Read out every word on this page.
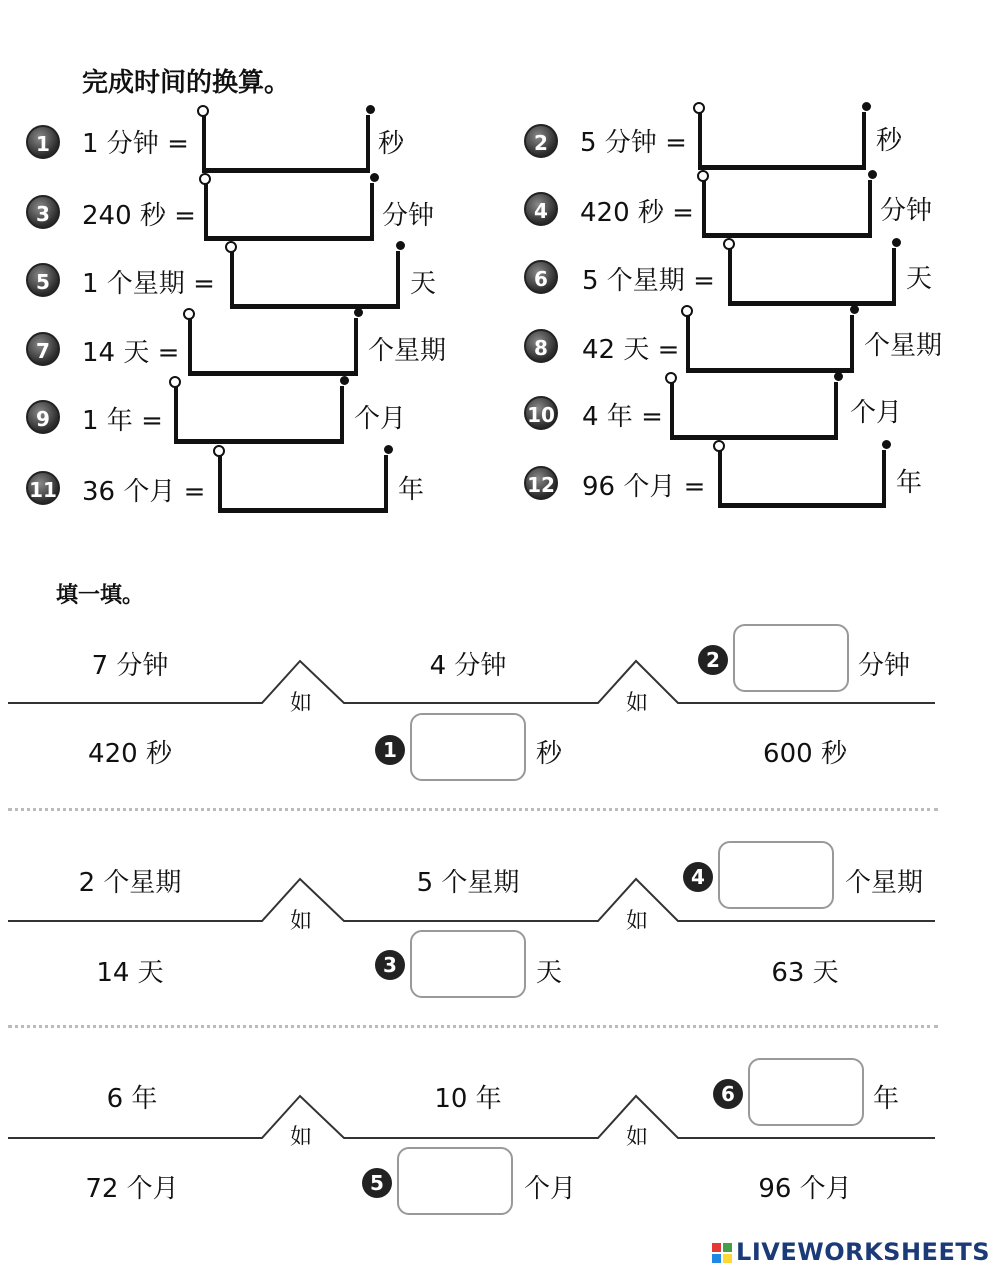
完成时间的换算。
1	1 分钟 =	秒
3	240 秒 =	分钟
5	1 个星期 =	天
7	14 天 =	个星期
9	1 年 =	个月
11 36 个月 =	年
2	5 分钟 =	秒
4	420 秒 =	分钟
6	5 个星期 =	天
8	42 天 =	个星期
10 4 年 =	个月
12 96 个月 =	年
填一填。
如	如
7 分钟
420 秒
4 分钟
1	秒
2	分钟
600 秒
如	如
2 个星期
14 天
5 个星期
3	天
4	个星期
63 天
如	如
6 年
72 个月
10 年
5	个月
6	年
96 个月
LIVEWORKSHEETS
